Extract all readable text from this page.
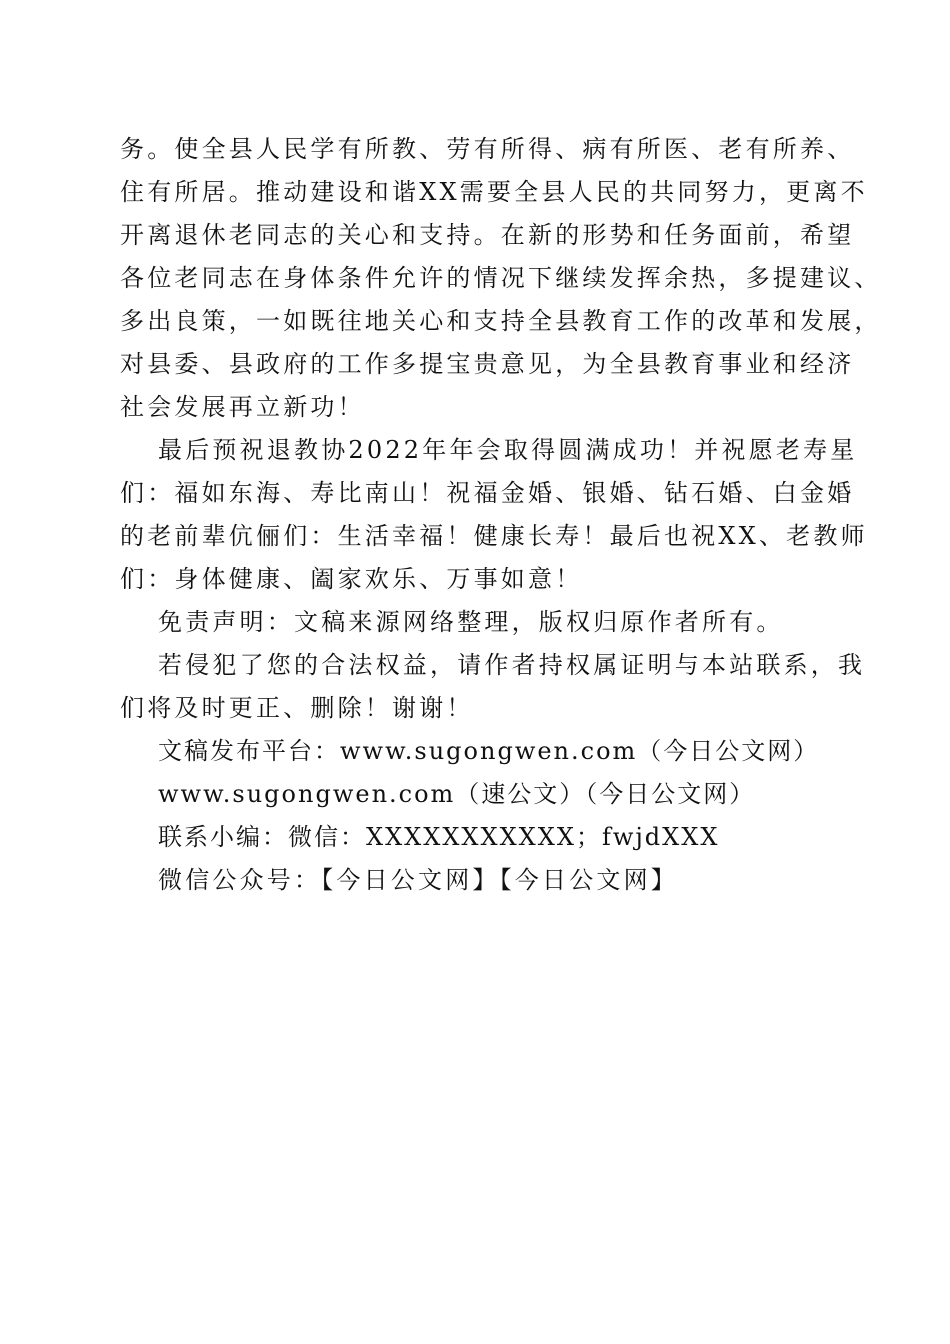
务。使全县人民学有所教、劳有所得、病有所医、老有所养、
住有所居。推动建设和谐XX需要全县人民的共同努力，更离不
开离退休老同志的关心和支持。在新的形势和任务面前，希望
各位老同志在身体条件允许的情况下继续发挥余热，多提建议、
多出良策，一如既往地关心和支持全县教育工作的改革和发展，
对县委、县政府的工作多提宝贵意见，为全县教育事业和经济
社会发展再立新功！
最后预祝退教协2022年年会取得圆满成功！并祝愿老寿星
们：福如东海、寿比南山！祝福金婚、银婚、钻石婚、白金婚
的老前辈伉俪们：生活幸福！健康长寿！最后也祝XX、老教师
们：身体健康、阖家欢乐、万事如意！
免责声明：文稿来源网络整理，版权归原作者所有。
若侵犯了您的合法权益，请作者持权属证明与本站联系，我
们将及时更正、删除！谢谢！
文稿发布平台：www.sugongwen.com（今日公文网）
www.sugongwen.com（速公文）（今日公文网）
联系小编：微信：XXXXXXXXXXX；fwjdXXX
微信公众号：【今日公文网】【今日公文网】
